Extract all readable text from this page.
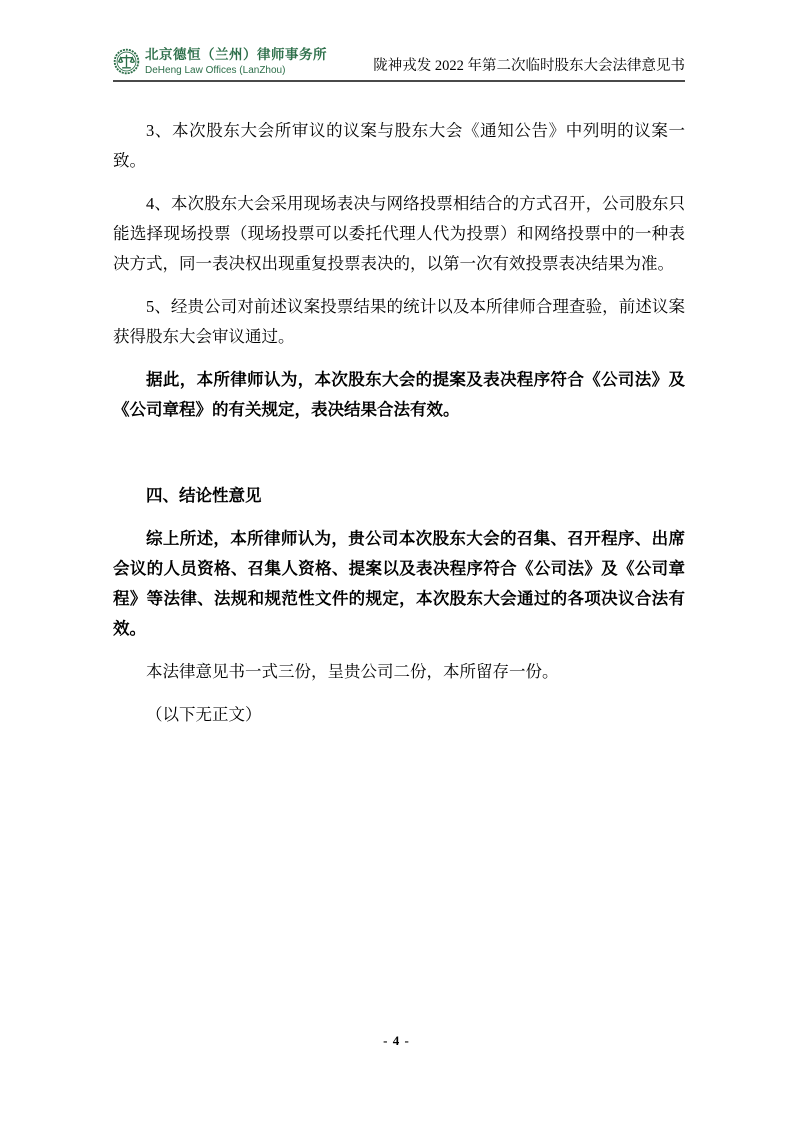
北京德恒（兰州）律师事务所
DeHeng Law Offices (LanZhou)	陇神戎发 2022 年第二次临时股东大会法律意见书

3、本次股东大会所审议的议案与股东大会《通知公告》中列明的议案一致。

4、本次股东大会采用现场表决与网络投票相结合的方式召开，公司股东只能选择现场投票（现场投票可以委托代理人代为投票）和网络投票中的一种表决方式，同一表决权出现重复投票表决的，以第一次有效投票表决结果为准。

5、经贵公司对前述议案投票结果的统计以及本所律师合理查验，前述议案获得股东大会审议通过。

据此，本所律师认为，本次股东大会的提案及表决程序符合《公司法》及《公司章程》的有关规定，表决结果合法有效。

四、结论性意见

综上所述，本所律师认为，贵公司本次股东大会的召集、召开程序、出席会议的人员资格、召集人资格、提案以及表决程序符合《公司法》及《公司章程》等法律、法规和规范性文件的规定，本次股东大会通过的各项决议合法有效。

本法律意见书一式三份，呈贵公司二份，本所留存一份。

（以下无正文）

- 4 -
